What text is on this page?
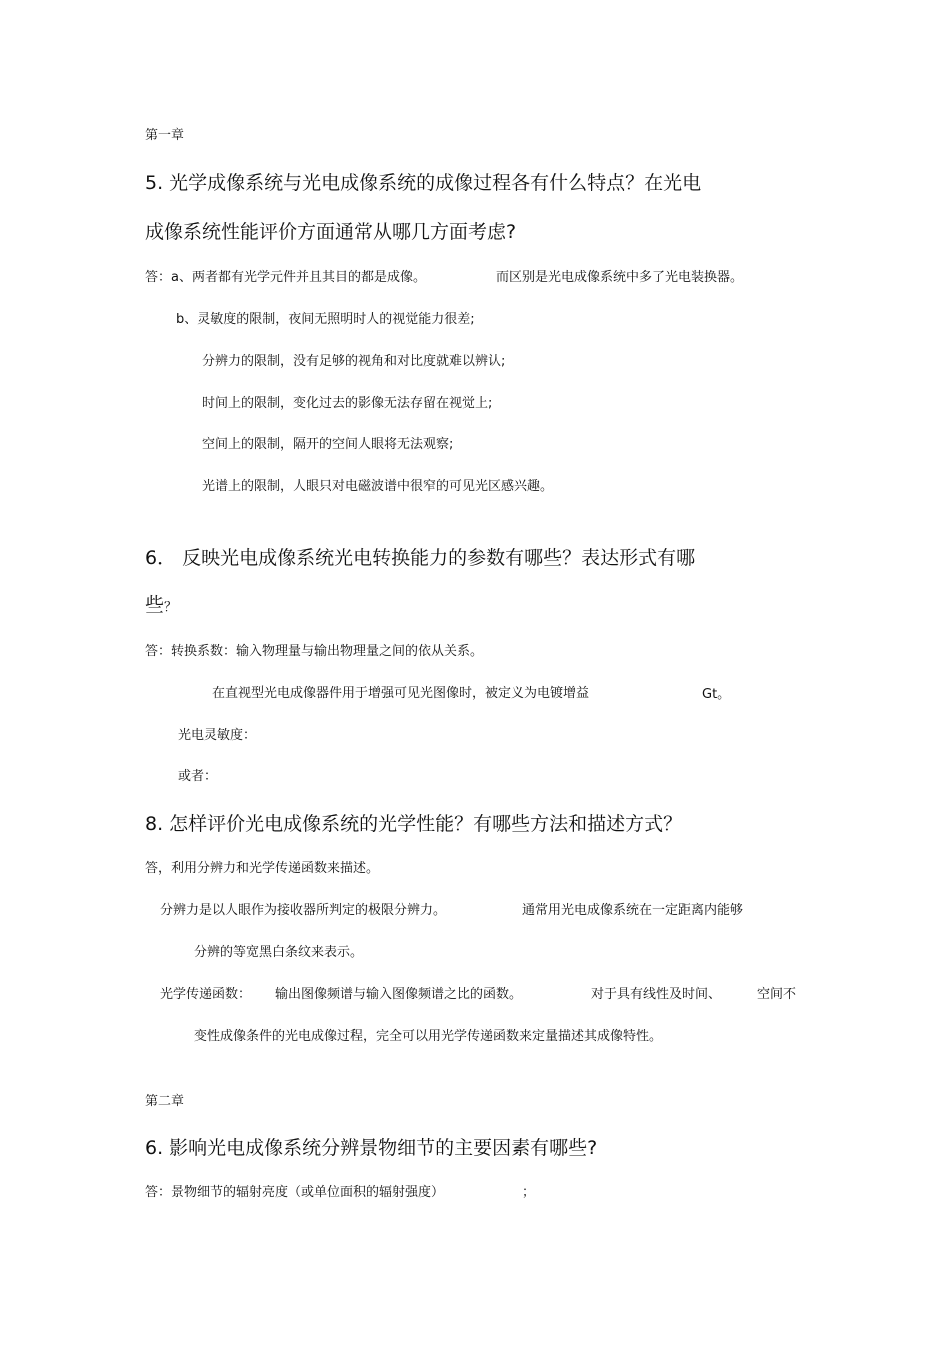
第一章
5. 光学成像系统与光电成像系统的成像过程各有什么特点？在光电
成像系统性能评价方面通常从哪几方面考虑?
答：a、两者都有光学元件并且其目的都是成像。	而区别是光电成像系统中多了光电装换器。
b、灵敏度的限制，夜间无照明时人的视觉能力很差;
分辨力的限制，没有足够的视角和对比度就难以辨认;
时间上的限制，变化过去的影像无法存留在视觉上;
空间上的限制，隔开的空间人眼将无法观察;
光谱上的限制，人眼只对电磁波谱中很窄的可见光区感兴趣。
6． 反映光电成像系统光电转换能力的参数有哪些？表达形式有哪
些？
答：转换系数：输入物理量与输出物理量之间的依从关系。
在直视型光电成像器件用于增强可见光图像时，被定义为电镀增益	Gt。
光电灵敏度：
或者：
8. 怎样评价光电成像系统的光学性能？有哪些方法和描述方式？
答，利用分辨力和光学传递函数来描述。
分辨力是以人眼作为接收器所判定的极限分辨力。	通常用光电成像系统在一定距离内能够
分辨的等宽黑白条纹来表示。
光学传递函数： 输出图像频谱与输入图像频谱之比的函数。	对于具有线性及时间、	空间不
变性成像条件的光电成像过程，完全可以用光学传递函数来定量描述其成像特性。
第二章
6. 影响光电成像系统分辨景物细节的主要因素有哪些?
答：景物细节的辐射亮度（或单位面积的辐射强度）	；
